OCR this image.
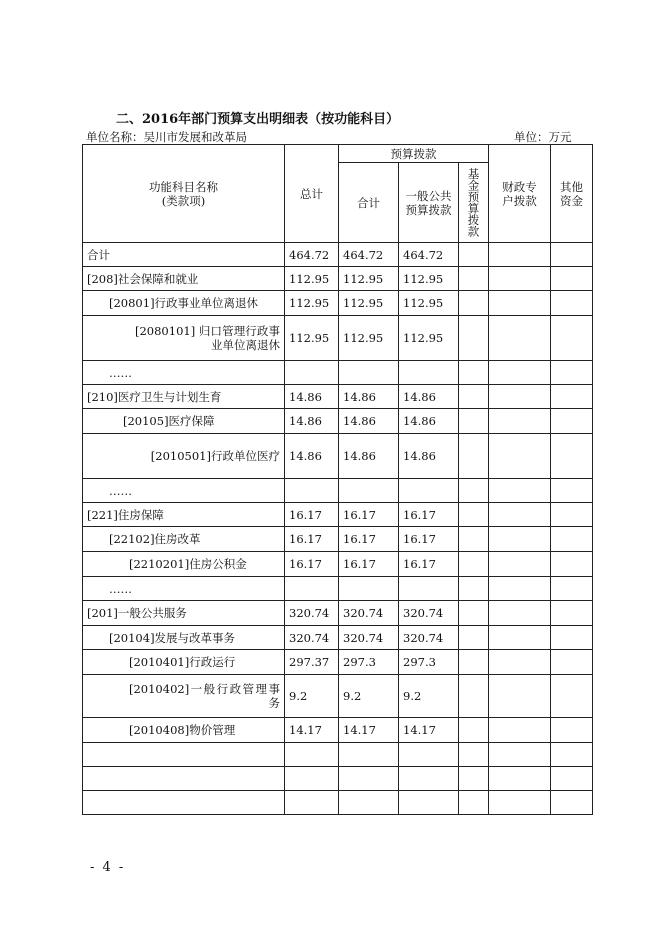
二、2016年部门预算支出明细表（按功能科目）
单位名称：吴川市发展和改革局	单位：万元
功能科目名称
(类款项)	总计	预算拨款			财政专户拨款	其他资金

		合计	一般公共预算拨款	基金预算拨款		

合计	464.72	464.72	464.72			
[208]社会保障和就业	112.95	112.95	112.95			
[20801]行政事业单位离退休	112.95	112.95	112.95			
[2080101] 归口管理行政事业单位离退休	112.95	112.95	112.95			
……						
[210]医疗卫生与计划生育	14.86	14.86	14.86			
[20105]医疗保障	14.86	14.86	14.86			
[2010501]行政单位医疗	14.86	14.86	14.86			
……						
[221]住房保障	16.17	16.17	16.17			
[22102]住房改革	16.17	16.17	16.17			
[2210201]住房公积金	16.17	16.17	16.17			
……						
[201]一般公共服务	320.74	320.74	320.74			
[20104]发展与改革事务	320.74	320.74	320.74			
[2010401]行政运行	297.37	297.3	297.3			
[2010402]一般行政管理事务	9.2	9.2	9.2			
[2010408]物价管理	14.17	14.17	14.17			

- 4 -
